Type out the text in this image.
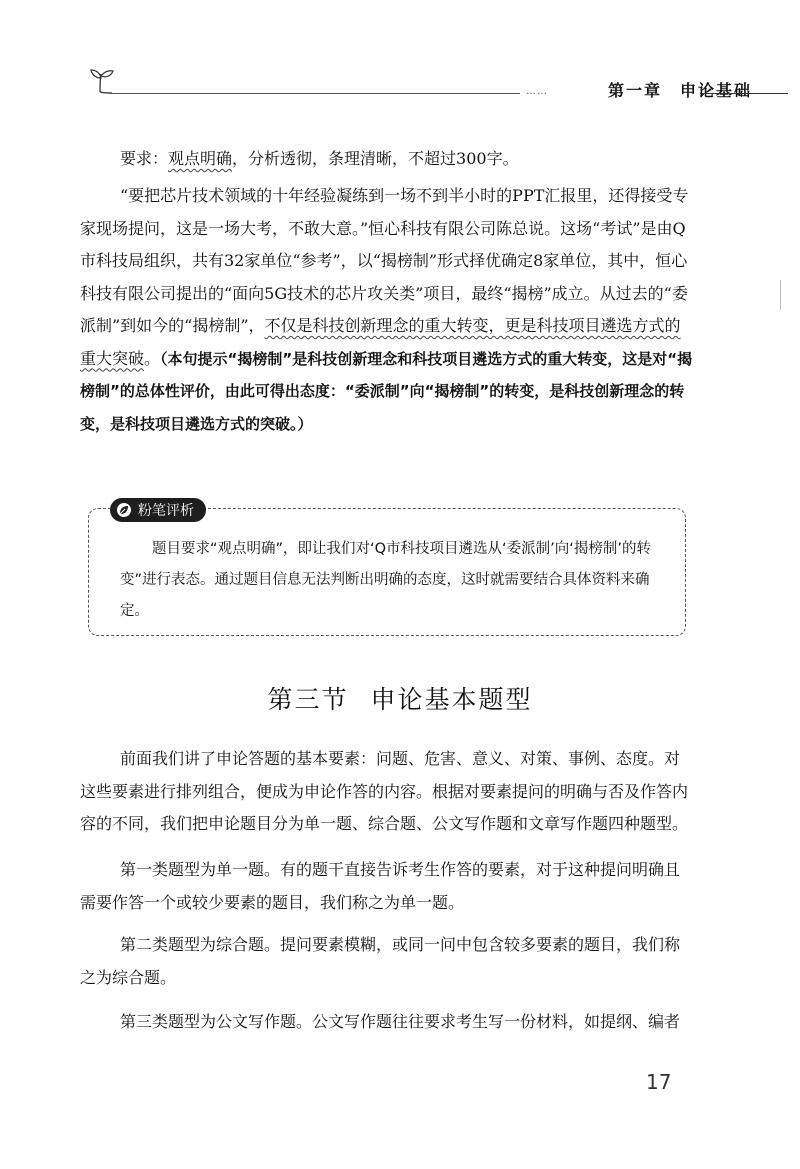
……	第一章 申论基础

要求：观点明确，分析透彻，条理清晰，不超过300字。

“要把芯片技术领域的十年经验凝练到一场不到半小时的PPT汇报里，还得接受专家现场提问，这是一场大考，不敢大意。”恒心科技有限公司陈总说。这场“考试”是由Q市科技局组织，共有32家单位“参考”，以“揭榜制”形式择优确定8家单位，其中，恒心科技有限公司提出的“面向5G技术的芯片攻关类”项目，最终“揭榜”成立。从过去的“委派制”到如今的“揭榜制”，不仅是科技创新理念的重大转变，更是科技项目遴选方式的重大突破。（本句提示“揭榜制”是科技创新理念和科技项目遴选方式的重大转变，这是对“揭榜制”的总体性评价，由此可得出态度：“委派制”向“揭榜制”的转变，是科技创新理念的转变，是科技项目遴选方式的突破。）

粉笔评析

题目要求“观点明确”，即让我们对‘Q市科技项目遴选从‘委派制’向‘揭榜制’的转变”进行表态。通过题目信息无法判断出明确的态度，这时就需要结合具体资料来确定。

第三节 申论基本题型

前面我们讲了申论答题的基本要素：问题、危害、意义、对策、事例、态度。对这些要素进行排列组合，便成为申论作答的内容。根据对要素提问的明确与否及作答内容的不同，我们把申论题目分为单一题、综合题、公文写作题和文章写作题四种题型。

第一类题型为单一题。有的题干直接告诉考生作答的要素，对于这种提问明确且需要作答一个或较少要素的题目，我们称之为单一题。

第二类题型为综合题。提问要素模糊，或同一问中包含较多要素的题目，我们称之为综合题。

第三类题型为公文写作题。公文写作题往往要求考生写一份材料，如提纲、编者

17
